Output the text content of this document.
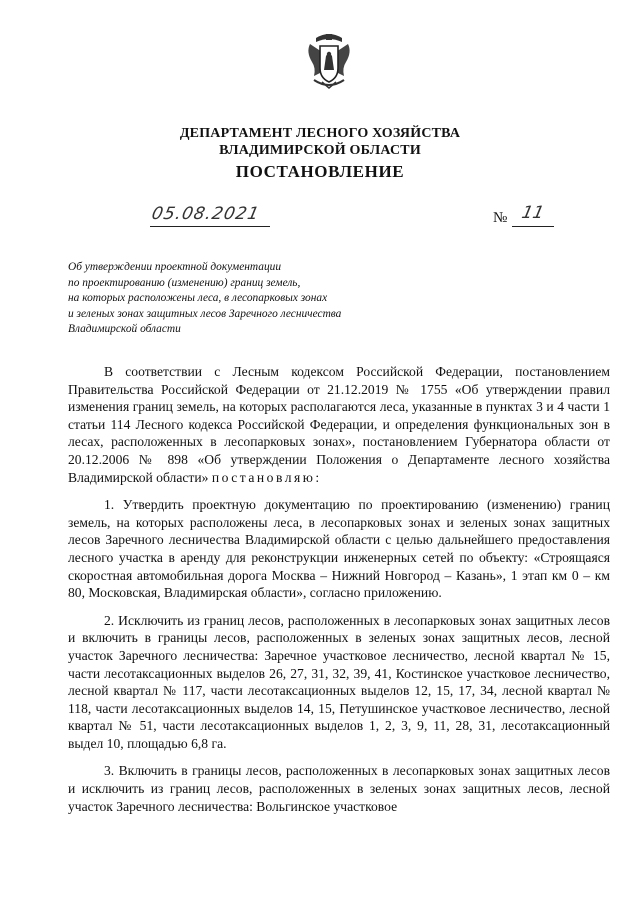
ДЕПАРТАМЕНТ ЛЕСНОГО ХОЗЯЙСТВА
ВЛАДИМИРСКОЙ ОБЛАСТИ
ПОСТАНОВЛЕНИЕ
05.08.2021	№ 11
Об утверждении проектной документации
по проектированию (изменению) границ земель,
на которых расположены леса, в лесопарковых зонах
и зеленых зонах защитных лесов Заречного лесничества
Владимирской области

В соответствии с Лесным кодексом Российской Федерации, постановлением Правительства Российской Федерации от 21.12.2019 № 1755 «Об утверждении правил изменения границ земель, на которых располагаются леса, указанные в пунктах 3 и 4 части 1 статьи 114 Лесного кодекса Российской Федерации, и определения функциональных зон в лесах, расположенных в лесопарковых зонах», постановлением Губернатора области от 20.12.2006 № 898 «Об утверждении Положения о Департаменте лесного хозяйства Владимирской области» постановляю:

1. Утвердить проектную документацию по проектированию (изменению) границ земель, на которых расположены леса, в лесопарковых зонах и зеленых зонах защитных лесов Заречного лесничества Владимирской области с целью дальнейшего предоставления лесного участка в аренду для реконструкции инженерных сетей по объекту: «Строящаяся скоростная автомобильная дорога Москва – Нижний Новгород – Казань», 1 этап км 0 – км 80, Московская, Владимирская области», согласно приложению.

2. Исключить из границ лесов, расположенных в лесопарковых зонах защитных лесов и включить в границы лесов, расположенных в зеленых зонах защитных лесов, лесной участок Заречного лесничества: Заречное участковое лесничество, лесной квартал № 15, части лесотаксационных выделов 26, 27, 31, 32, 39, 41, Костинское участковое лесничество, лесной квартал № 117, части лесотаксационных выделов 12, 15, 17, 34, лесной квартал № 118, части лесотаксационных выделов 14, 15, Петушинское участковое лесничество, лесной квартал № 51, части лесотаксационных выделов 1, 2, 3, 9, 11, 28, 31, лесотаксационный выдел 10, площадью 6,8 га.

3. Включить в границы лесов, расположенных в лесопарковых зонах защитных лесов и исключить из границ лесов, расположенных в зеленых зонах защитных лесов, лесной участок Заречного лесничества: Вольгинское участковое
